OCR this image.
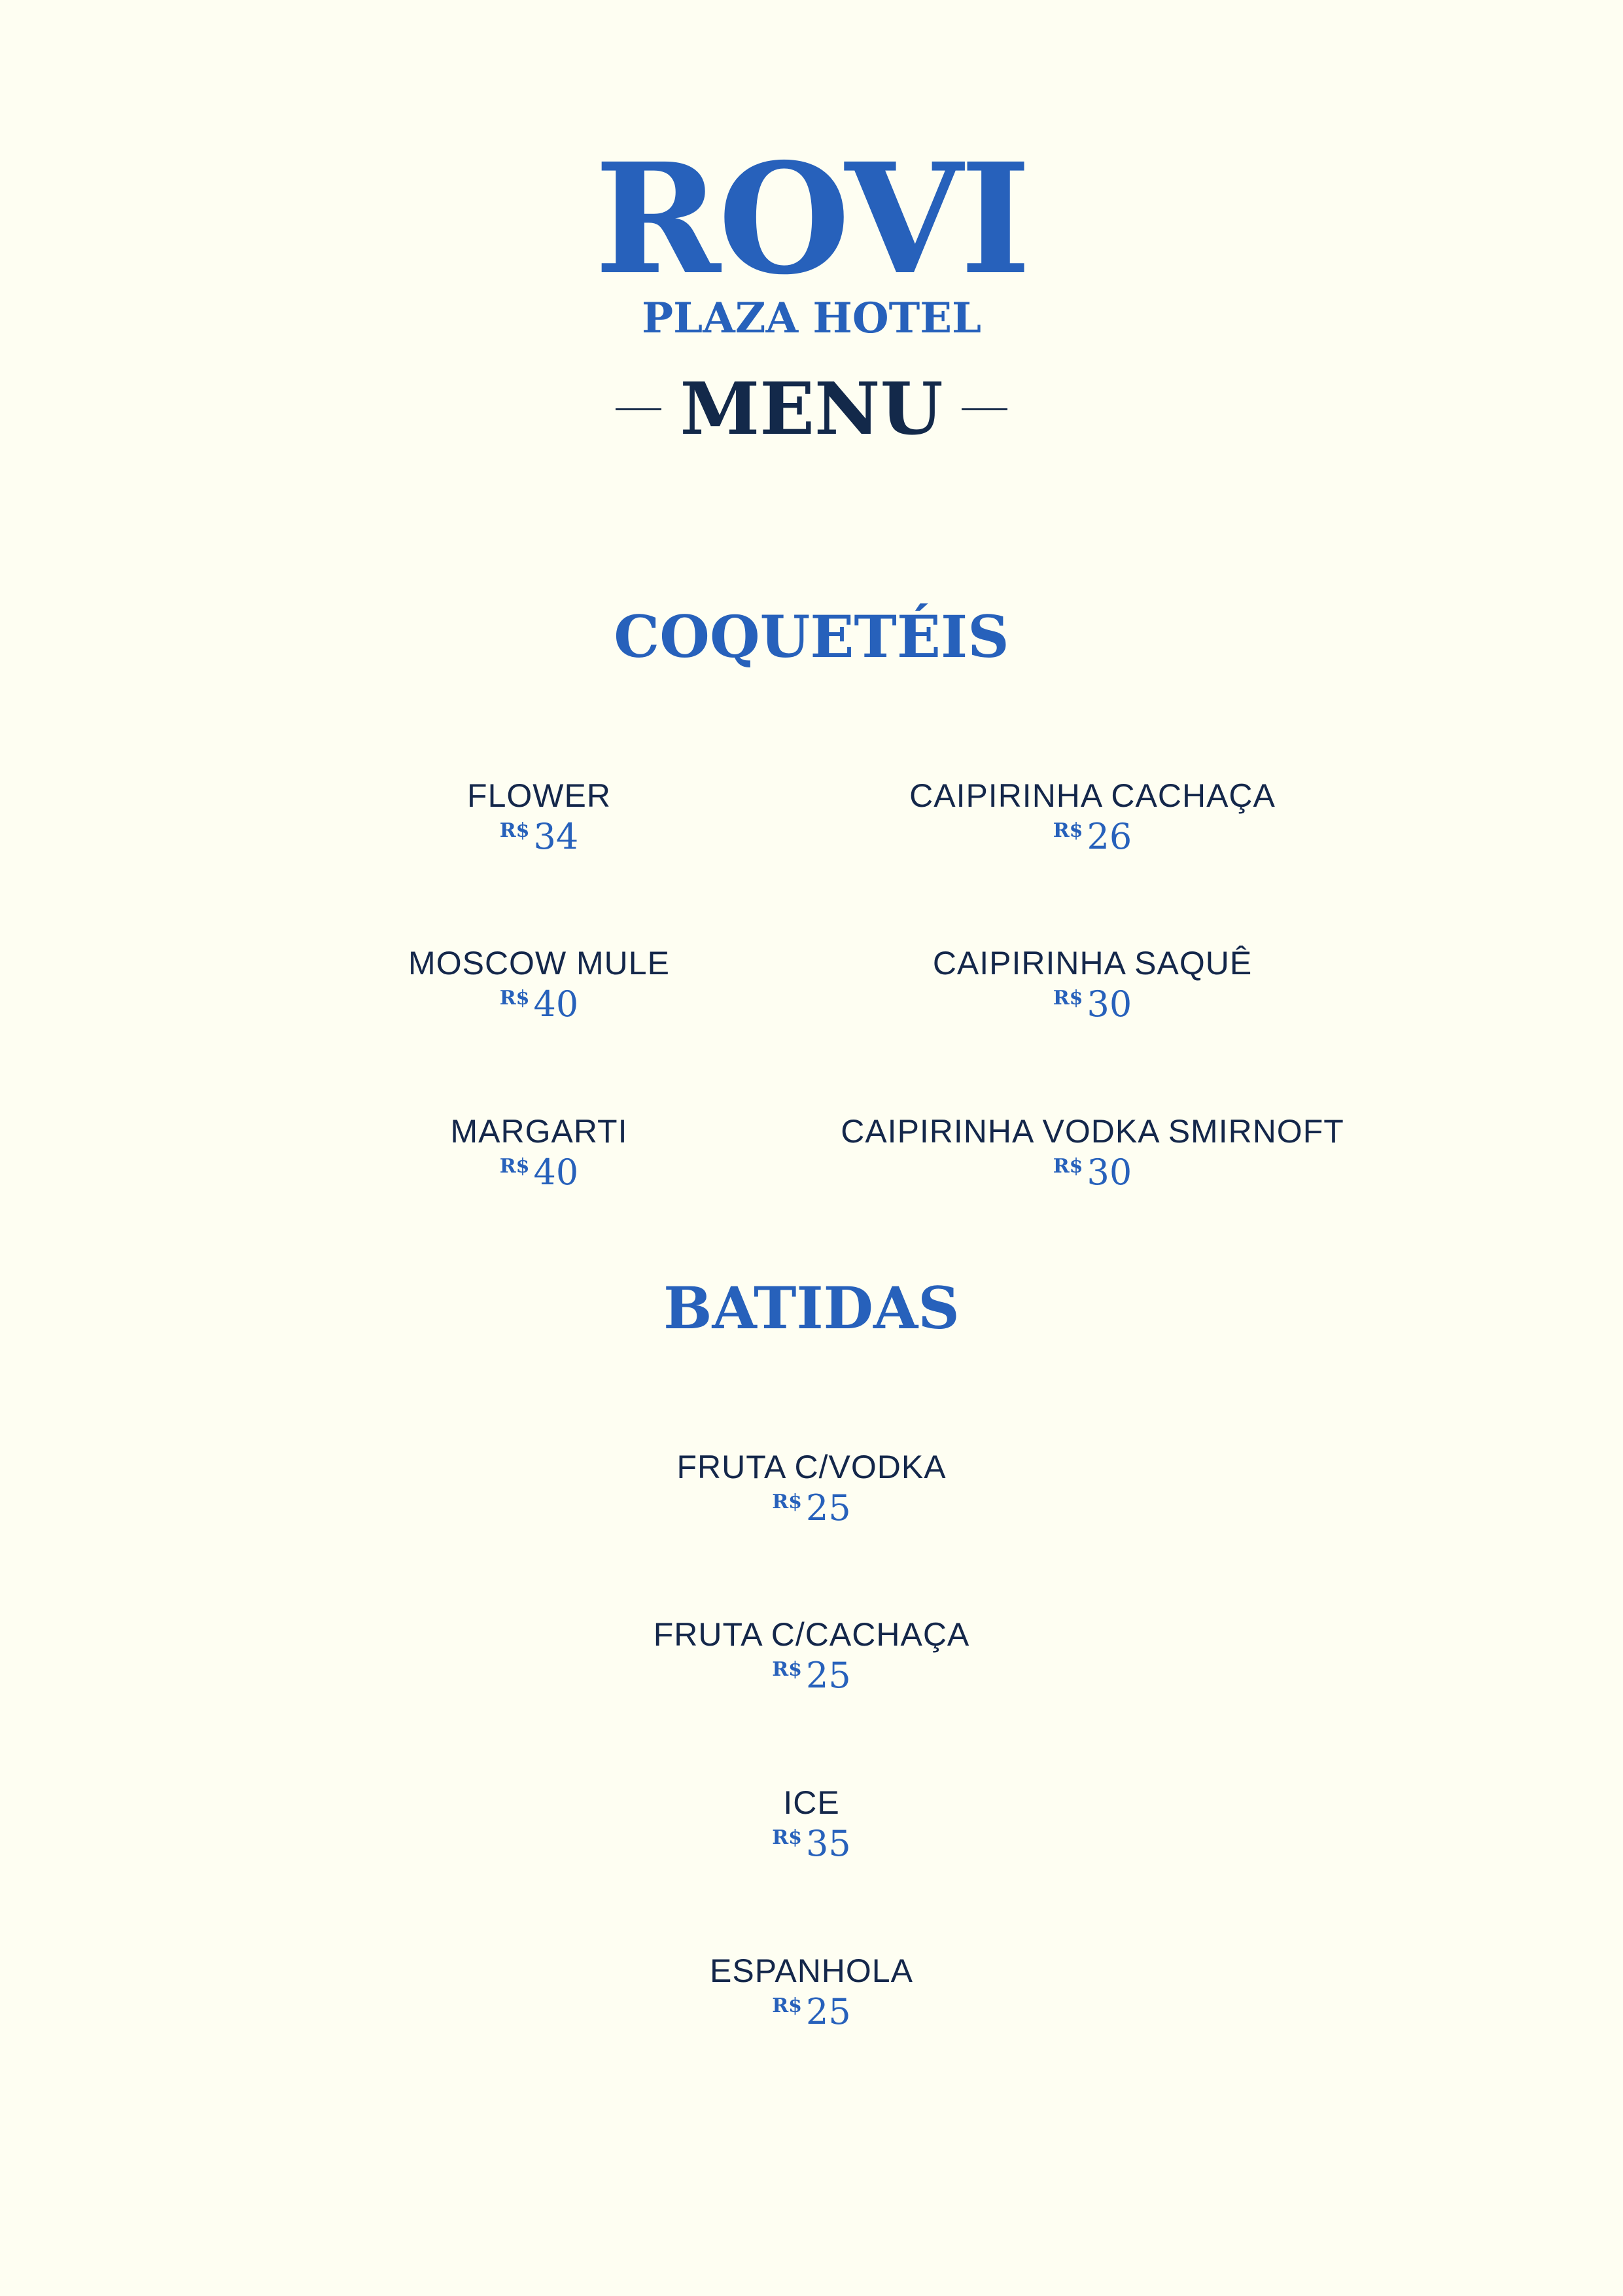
ROVI
PLAZA HOTEL
MENU
COQUETÉIS
FLOWER
R$ 34
CAIPIRINHA CACHAÇA
R$ 26
MOSCOW MULE
R$ 40
CAIPIRINHA SAQUÊ
R$ 30
MARGARTI
R$ 40
CAIPIRINHA VODKA SMIRNOFT
R$ 30
BATIDAS
FRUTA C/VODKA
R$ 25
FRUTA C/CACHAÇA
R$ 25
ICE
R$ 35
ESPANHOLA
R$ 25
